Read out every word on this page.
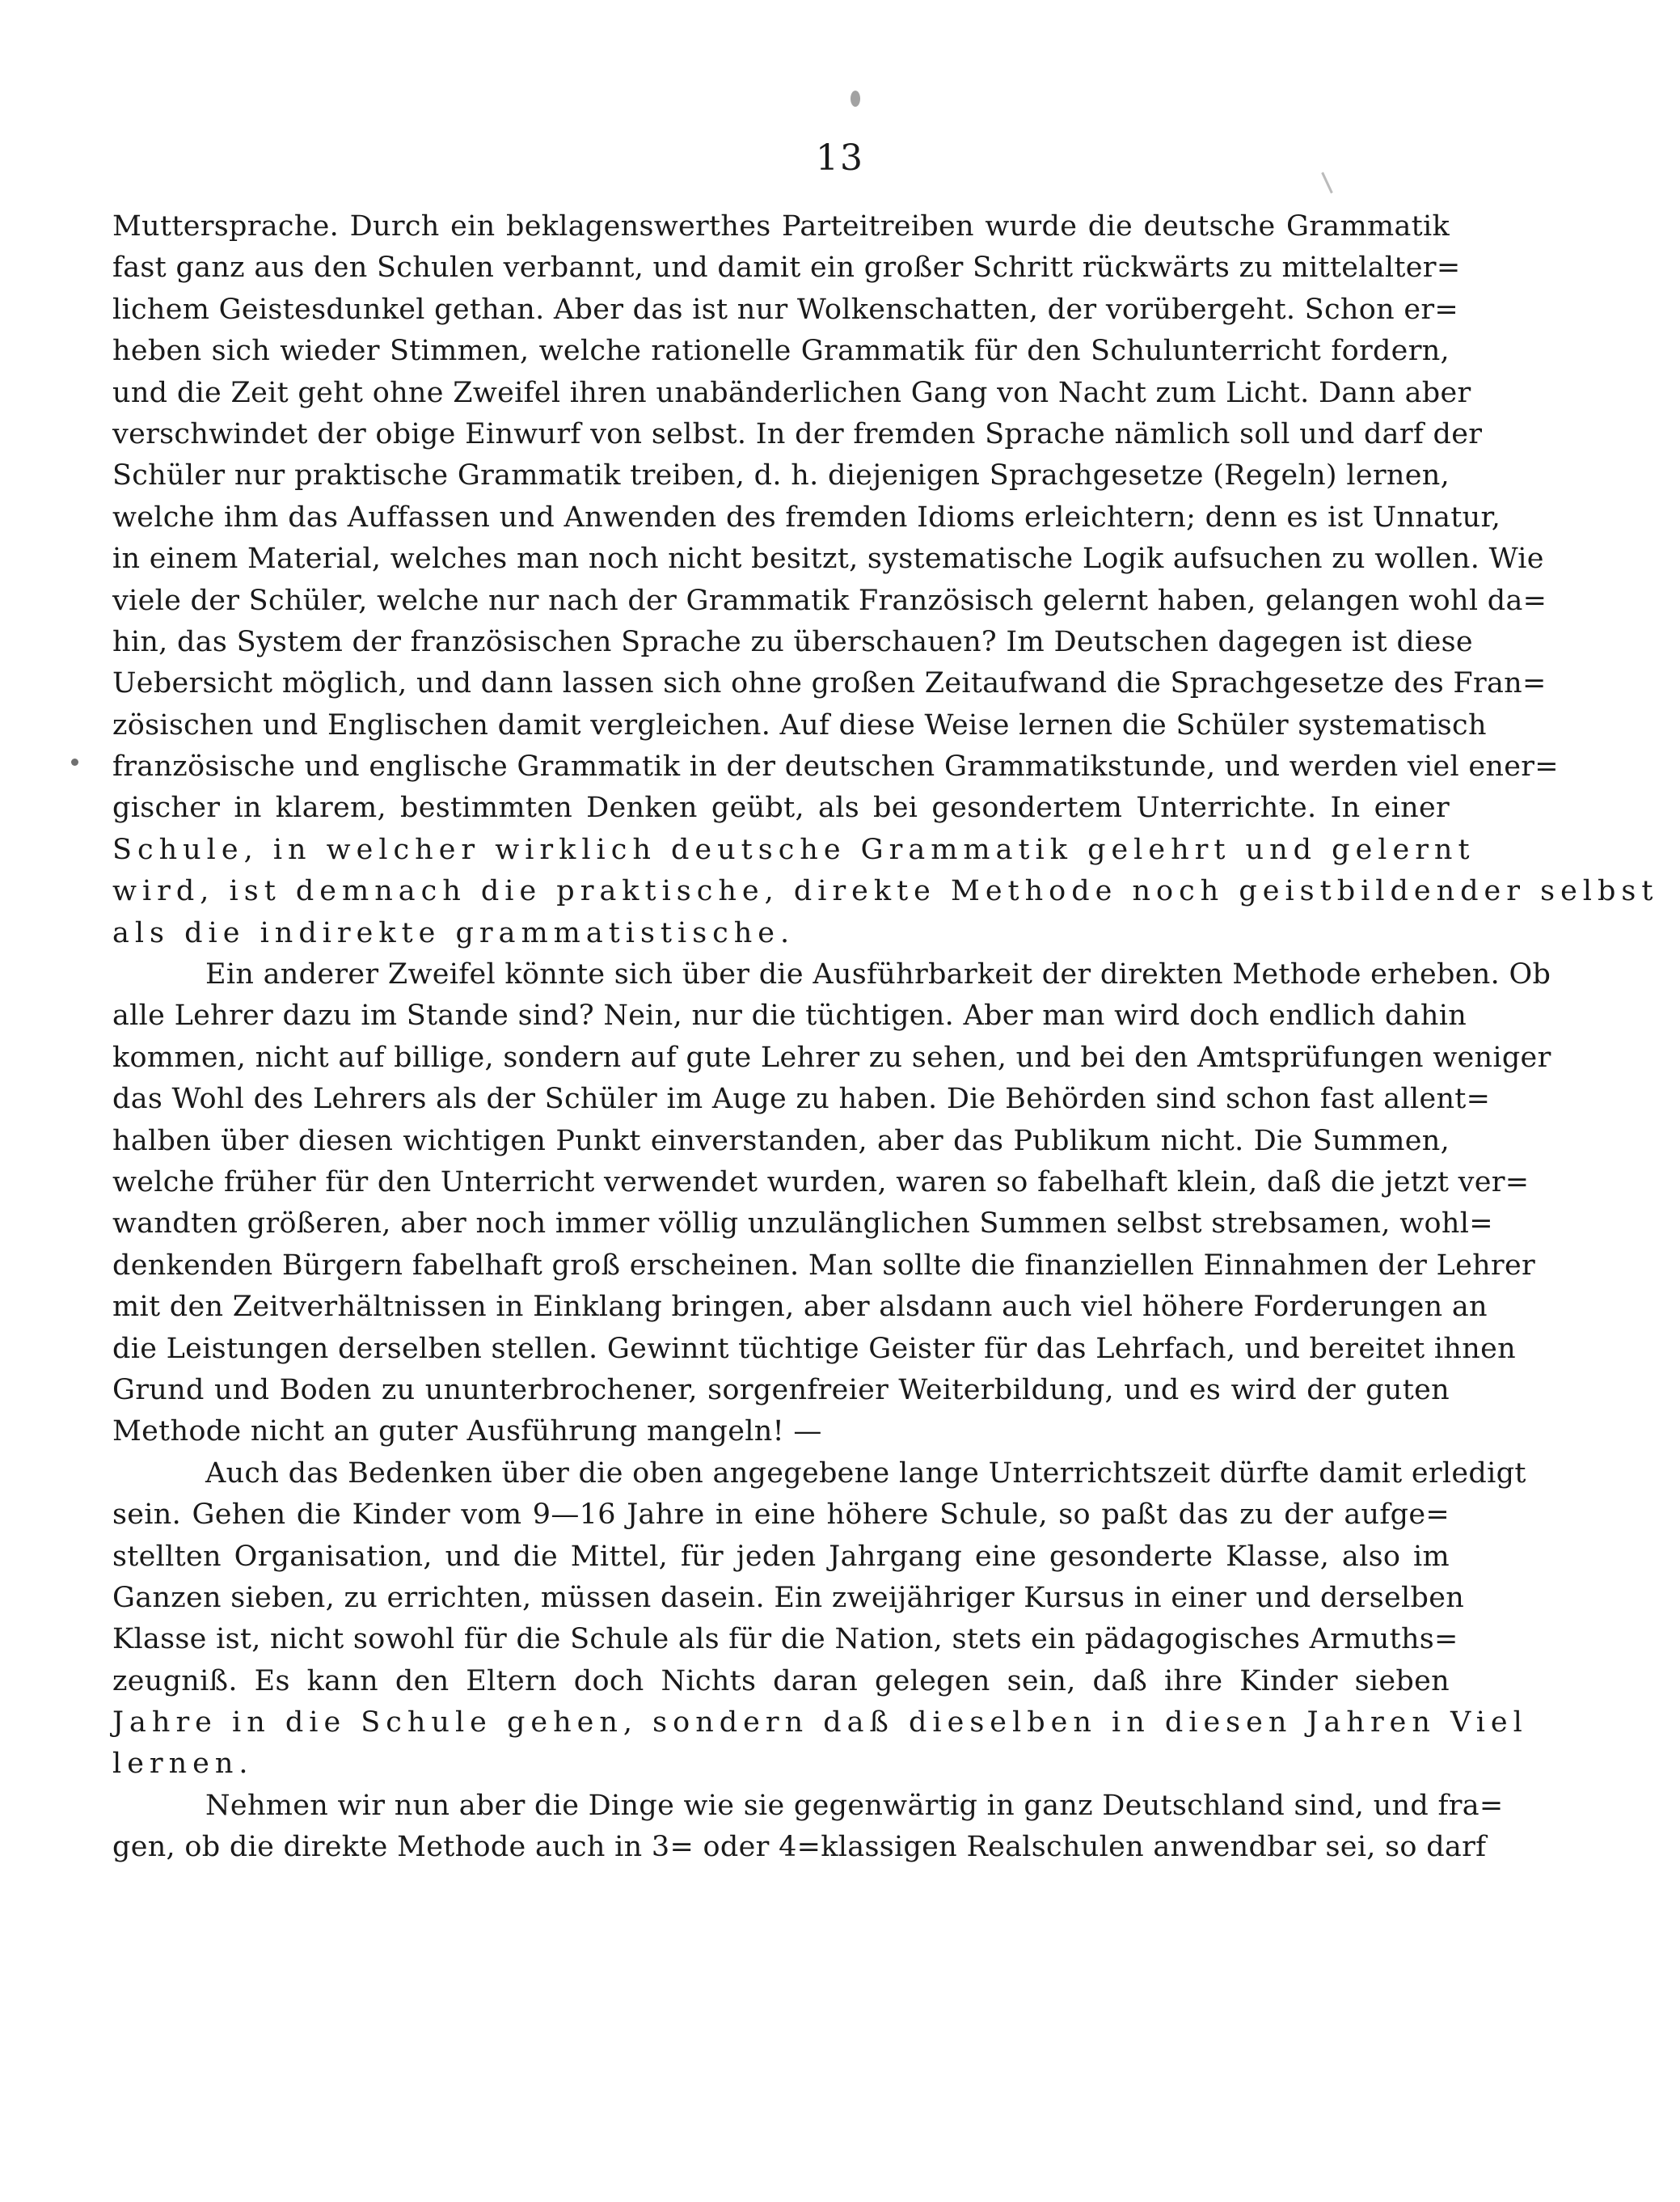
13
Muttersprache. Durch ein beklagenswerthes Parteitreiben wurde die deutsche Grammatik
fast ganz aus den Schulen verbannt, und damit ein großer Schritt rückwärts zu mittelalter=
lichem Geistesdunkel gethan. Aber das ist nur Wolkenschatten, der vorübergeht. Schon er=
heben sich wieder Stimmen, welche rationelle Grammatik für den Schulunterricht fordern,
und die Zeit geht ohne Zweifel ihren unabänderlichen Gang von Nacht zum Licht. Dann aber
verschwindet der obige Einwurf von selbst. In der fremden Sprache nämlich soll und darf der
Schüler nur praktische Grammatik treiben, d. h. diejenigen Sprachgesetze (Regeln) lernen,
welche ihm das Auffassen und Anwenden des fremden Idioms erleichtern; denn es ist Unnatur,
in einem Material, welches man noch nicht besitzt, systematische Logik aufsuchen zu wollen. Wie
viele der Schüler, welche nur nach der Grammatik Französisch gelernt haben, gelangen wohl da=
hin, das System der französischen Sprache zu überschauen? Im Deutschen dagegen ist diese
Uebersicht möglich, und dann lassen sich ohne großen Zeitaufwand die Sprachgesetze des Fran=
zösischen und Englischen damit vergleichen. Auf diese Weise lernen die Schüler systematisch
französische und englische Grammatik in der deutschen Grammatikstunde, und werden viel ener=
gischer in klarem, bestimmten Denken geübt, als bei gesondertem Unterrichte. In einer
Schule, in welcher wirklich deutsche Grammatik gelehrt und gelernt
wird, ist demnach die praktische, direkte Methode noch geistbildender selbst
als die indirekte grammatistische.
Ein anderer Zweifel könnte sich über die Ausführbarkeit der direkten Methode erheben. Ob
alle Lehrer dazu im Stande sind? Nein, nur die tüchtigen. Aber man wird doch endlich dahin
kommen, nicht auf billige, sondern auf gute Lehrer zu sehen, und bei den Amtsprüfungen weniger
das Wohl des Lehrers als der Schüler im Auge zu haben. Die Behörden sind schon fast allent=
halben über diesen wichtigen Punkt einverstanden, aber das Publikum nicht. Die Summen,
welche früher für den Unterricht verwendet wurden, waren so fabelhaft klein, daß die jetzt ver=
wandten größeren, aber noch immer völlig unzulänglichen Summen selbst strebsamen, wohl=
denkenden Bürgern fabelhaft groß erscheinen. Man sollte die finanziellen Einnahmen der Lehrer
mit den Zeitverhältnissen in Einklang bringen, aber alsdann auch viel höhere Forderungen an
die Leistungen derselben stellen. Gewinnt tüchtige Geister für das Lehrfach, und bereitet ihnen
Grund und Boden zu ununterbrochener, sorgenfreier Weiterbildung, und es wird der guten
Methode nicht an guter Ausführung mangeln! —
Auch das Bedenken über die oben angegebene lange Unterrichtszeit dürfte damit erledigt
sein. Gehen die Kinder vom 9—16 Jahre in eine höhere Schule, so paßt das zu der aufge=
stellten Organisation, und die Mittel, für jeden Jahrgang eine gesonderte Klasse, also im
Ganzen sieben, zu errichten, müssen dasein. Ein zweijähriger Kursus in einer und derselben
Klasse ist, nicht sowohl für die Schule als für die Nation, stets ein pädagogisches Armuths=
zeugniß. Es kann den Eltern doch Nichts daran gelegen sein, daß ihre Kinder sieben
Jahre in die Schule gehen, sondern daß dieselben in diesen Jahren Viel
lernen.
Nehmen wir nun aber die Dinge wie sie gegenwärtig in ganz Deutschland sind, und fra=
gen, ob die direkte Methode auch in 3= oder 4=klassigen Realschulen anwendbar sei, so darf
